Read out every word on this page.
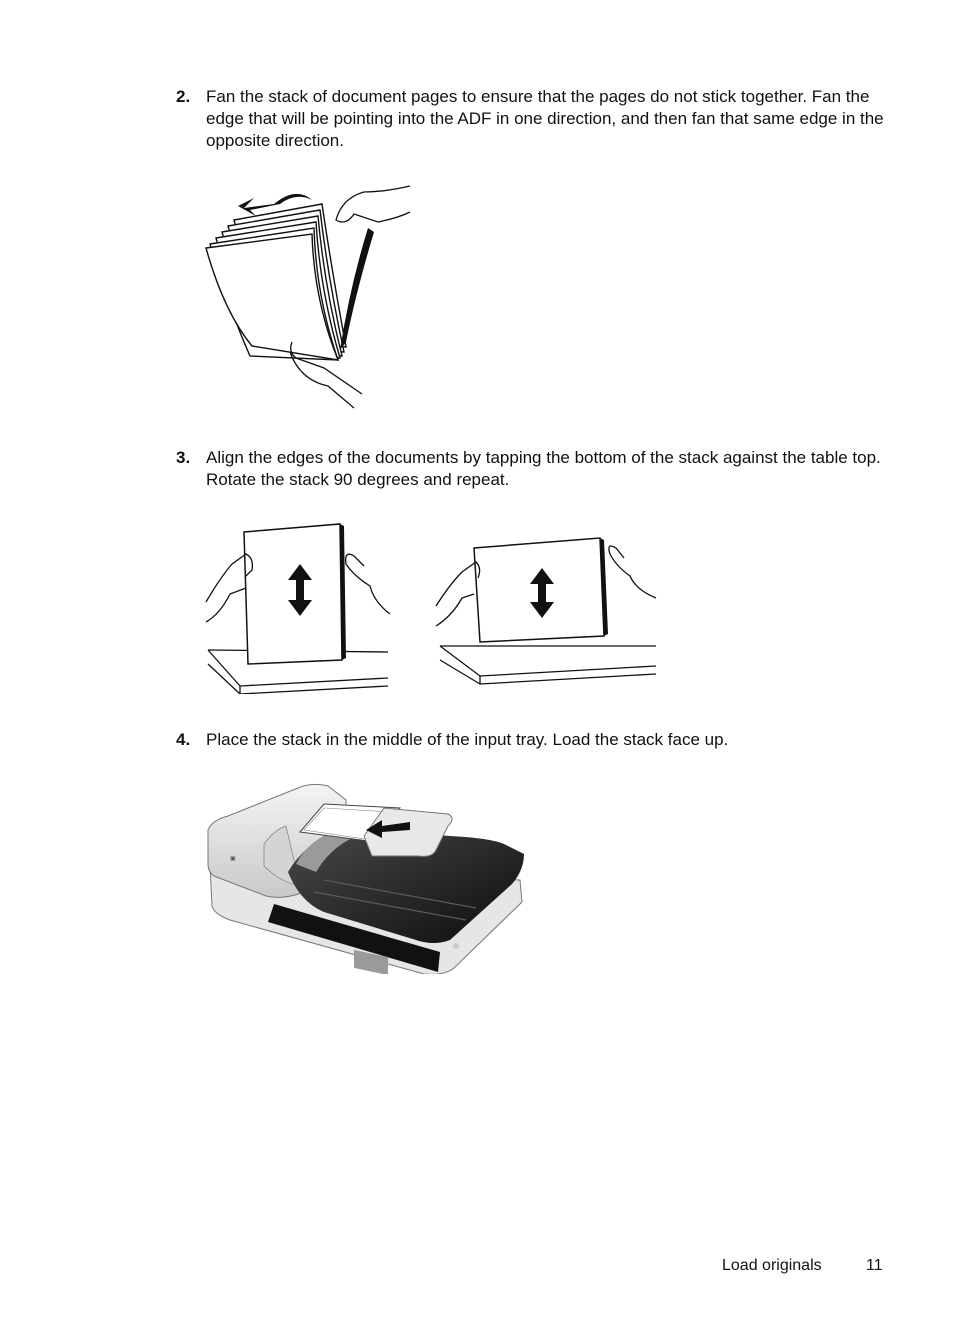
2. Fan the stack of document pages to ensure that the pages do not stick together. Fan the edge that will be pointing into the ADF in one direction, and then fan that same edge in the opposite direction.
3. Align the edges of the documents by tapping the bottom of the stack against the table top. Rotate the stack 90 degrees and repeat.
4. Place the stack in the middle of the input tray. Load the stack face up.
▣
Load originals	11
